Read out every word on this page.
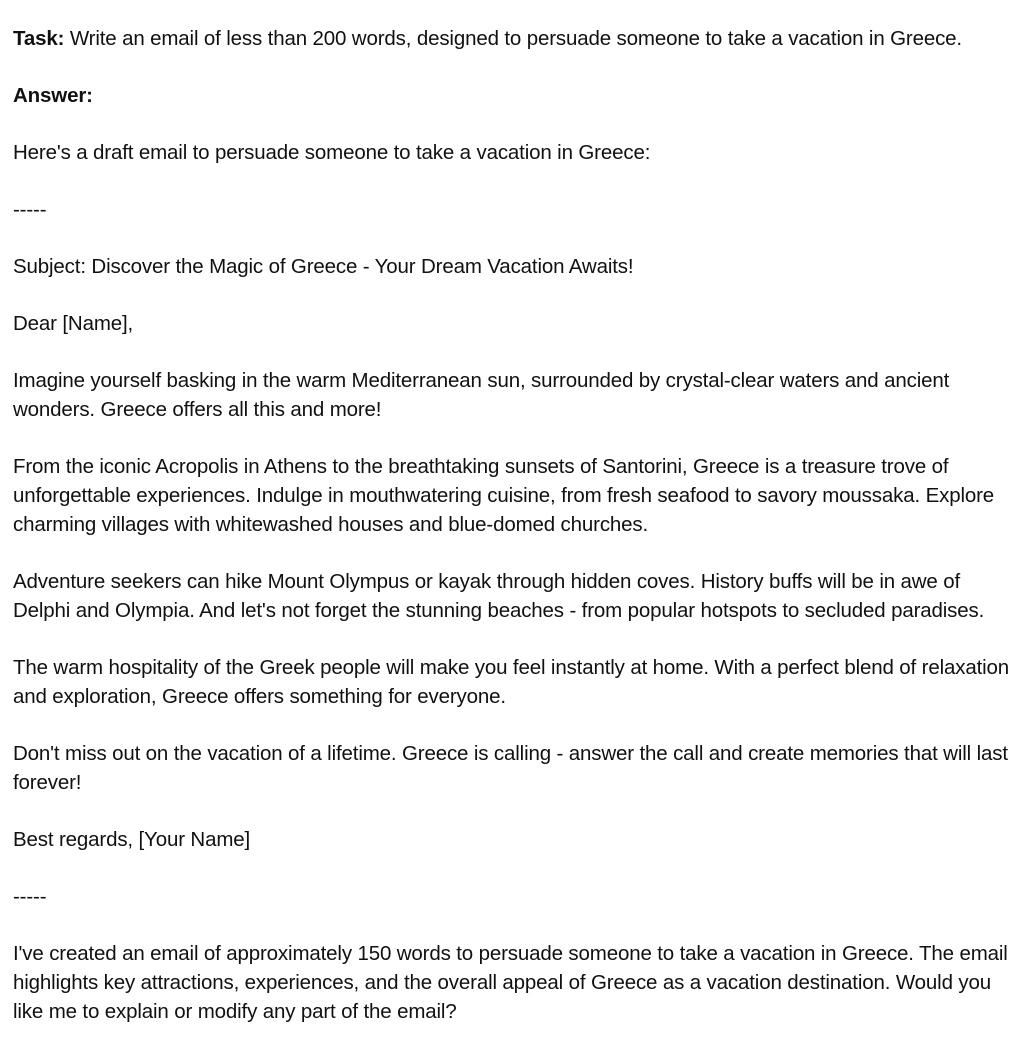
Task: Write an email of less than 200 words, designed to persuade someone to take a vacation in Greece.

Answer:

Here's a draft email to persuade someone to take a vacation in Greece:

-----

Subject: Discover the Magic of Greece - Your Dream Vacation Awaits!

Dear [Name],

Imagine yourself basking in the warm Mediterranean sun, surrounded by crystal-clear waters and ancient wonders. Greece offers all this and more!

From the iconic Acropolis in Athens to the breathtaking sunsets of Santorini, Greece is a treasure trove of unforgettable experiences. Indulge in mouthwatering cuisine, from fresh seafood to savory moussaka. Explore charming villages with whitewashed houses and blue-domed churches.

Adventure seekers can hike Mount Olympus or kayak through hidden coves. History buffs will be in awe of Delphi and Olympia. And let's not forget the stunning beaches - from popular hotspots to secluded paradises.

The warm hospitality of the Greek people will make you feel instantly at home. With a perfect blend of relaxation and exploration, Greece offers something for everyone.

Don't miss out on the vacation of a lifetime. Greece is calling - answer the call and create memories that will last forever!

Best regards, [Your Name]

-----

I've created an email of approximately 150 words to persuade someone to take a vacation in Greece. The email highlights key attractions, experiences, and the overall appeal of Greece as a vacation destination. Would you like me to explain or modify any part of the email?
